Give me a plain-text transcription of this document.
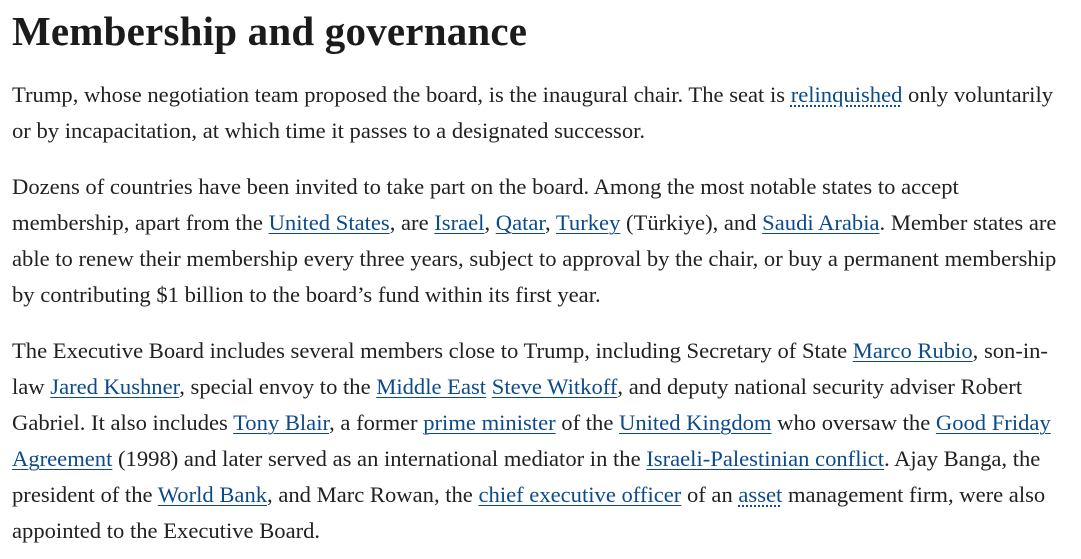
Membership and governance

Trump, whose negotiation team proposed the board, is the inaugural chair. The seat is relinquished only voluntarily or by incapacitation, at which time it passes to a designated successor.

Dozens of countries have been invited to take part on the board. Among the most notable states to accept membership, apart from the United States, are Israel, Qatar, Turkey (Türkiye), and Saudi Arabia. Member states are able to renew their membership every three years, subject to approval by the chair, or buy a permanent membership by contributing $1 billion to the board’s fund within its first year.

The Executive Board includes several members close to Trump, including Secretary of State Marco Rubio, son-in-law Jared Kushner, special envoy to the Middle East Steve Witkoff, and deputy national security adviser Robert Gabriel. It also includes Tony Blair, a former prime minister of the United Kingdom who oversaw the Good Friday Agreement (1998) and later served as an international mediator in the Israeli-Palestinian conflict. Ajay Banga, the president of the World Bank, and Marc Rowan, the chief executive officer of an asset management firm, were also appointed to the Executive Board.
